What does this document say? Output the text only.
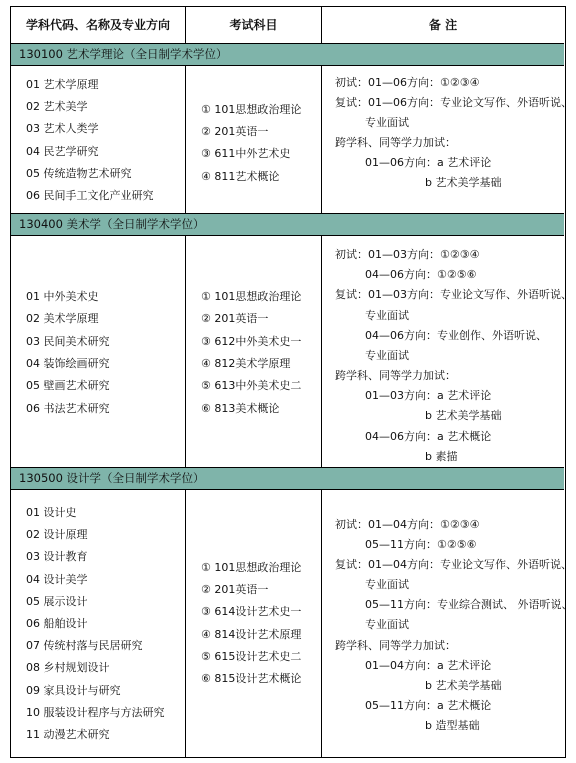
学科代码、名称及专业方向	考试科目	备 注
130100 艺术学理论（全日制学术学位）
130400 美术学（全日制学术学位）
130500 设计学（全日制学术学位）
01 艺术学原理
02 艺术美学
03 艺术人类学
04 民艺学研究
05 传统造物艺术研究
06 民间手工文化产业研究
① 101思想政治理论
② 201英语一
③ 611中外艺术史
④ 811艺术概论
初试：01—06方向：①②③④
复试：01—06方向：专业论文写作、外语听说、
专业面试
跨学科、同等学力加试：
01—06方向：a 艺术评论
b 艺术美学基础
01 中外美术史
02 美术学原理
03 民间美术研究
04 装饰绘画研究
05 壁画艺术研究
06 书法艺术研究
① 101思想政治理论
② 201英语一
③ 612中外美术史一
④ 812美术学原理
⑤ 613中外美术史二
⑥ 813美术概论
初试：01—03方向：①②③④
04—06方向：①②⑤⑥
复试：01—03方向：专业论文写作、外语听说、
专业面试
04—06方向：专业创作、外语听说、
专业面试
跨学科、同等学力加试：
01—03方向：a 艺术评论
b 艺术美学基础
04—06方向：a 艺术概论
b 素描
01 设计史
02 设计原理
03 设计教育
04 设计美学
05 展示设计
06 船舶设计
07 传统村落与民居研究
08 乡村规划设计
09 家具设计与研究
10 服装设计程序与方法研究
11 动漫艺术研究
① 101思想政治理论
② 201英语一
③ 614设计艺术史一
④ 814设计艺术原理
⑤ 615设计艺术史二
⑥ 815设计艺术概论
初试：01—04方向：①②③④
05—11方向：①②⑤⑥
复试：01—04方向：专业论文写作、外语听说、
专业面试
05—11方向：专业综合测试、 外语听说、
专业面试
跨学科、同等学力加试：
01—04方向：a 艺术评论
b 艺术美学基础
05—11方向：a 艺术概论
b 造型基础
